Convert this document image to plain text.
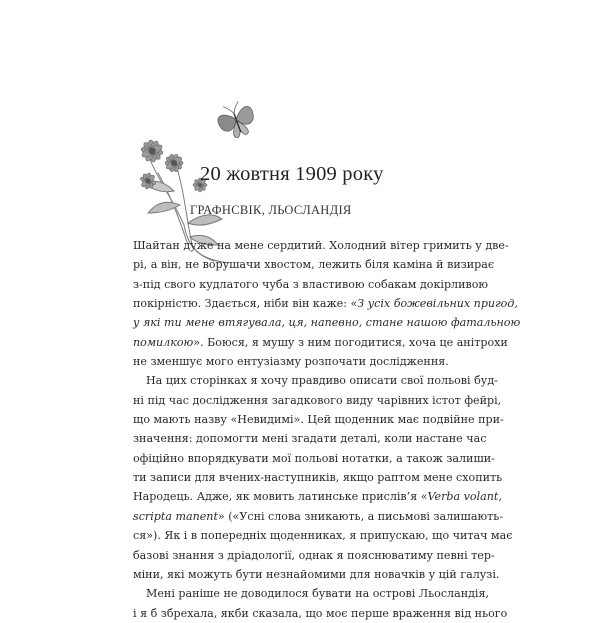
20 жовтня 1909 року
ГРАФНСВІК, ЛЬОСЛАНДІЯ

Шайтан дуже на мене сердитий. Холодний вітер гримить у две-
рі, а він, не ворушачи хвостом, лежить біля каміна й визирає
з-під свого кудлатого чуба з властивою собакам докірливою
покірністю. Здається, ніби він каже: «З усіх божевільних пригод,
у які ти мене втягувала, ця, напевно, стане нашою фатальною
помилкою». Боюся, я мушу з ним погодитися, хоча це анітрохи
не зменшує мого ентузіазму розпочати дослідження.

На цих сторінках я хочу правдиво описати свої польові буд-
ні під час дослідження загадкового виду чарівних істот фейрі,
що мають назву «Невидимі». Цей щоденник має подвійне при-
значення: допомогти мені згадати деталі, коли настане час
офіційно впорядкувати мої польові нотатки, а також залиши-
ти записи для вчених-наступників, якщо раптом мене схопить
Народець. Адже, як мовить латинське прислів’я «Verba volant,
scripta manent» («Усні слова зникають, а письмові залишають-
ся»). Як і в попередніх щоденниках, я припускаю, що читач має
базові знання з дріадології, однак я пояснюватиму певні тер-
міни, які можуть бути незнайомими для новачків у цій галузі.

Мені раніше не доводилося бувати на острові Льосландія,
і я б збрехала, якби сказала, що моє перше враження від нього
